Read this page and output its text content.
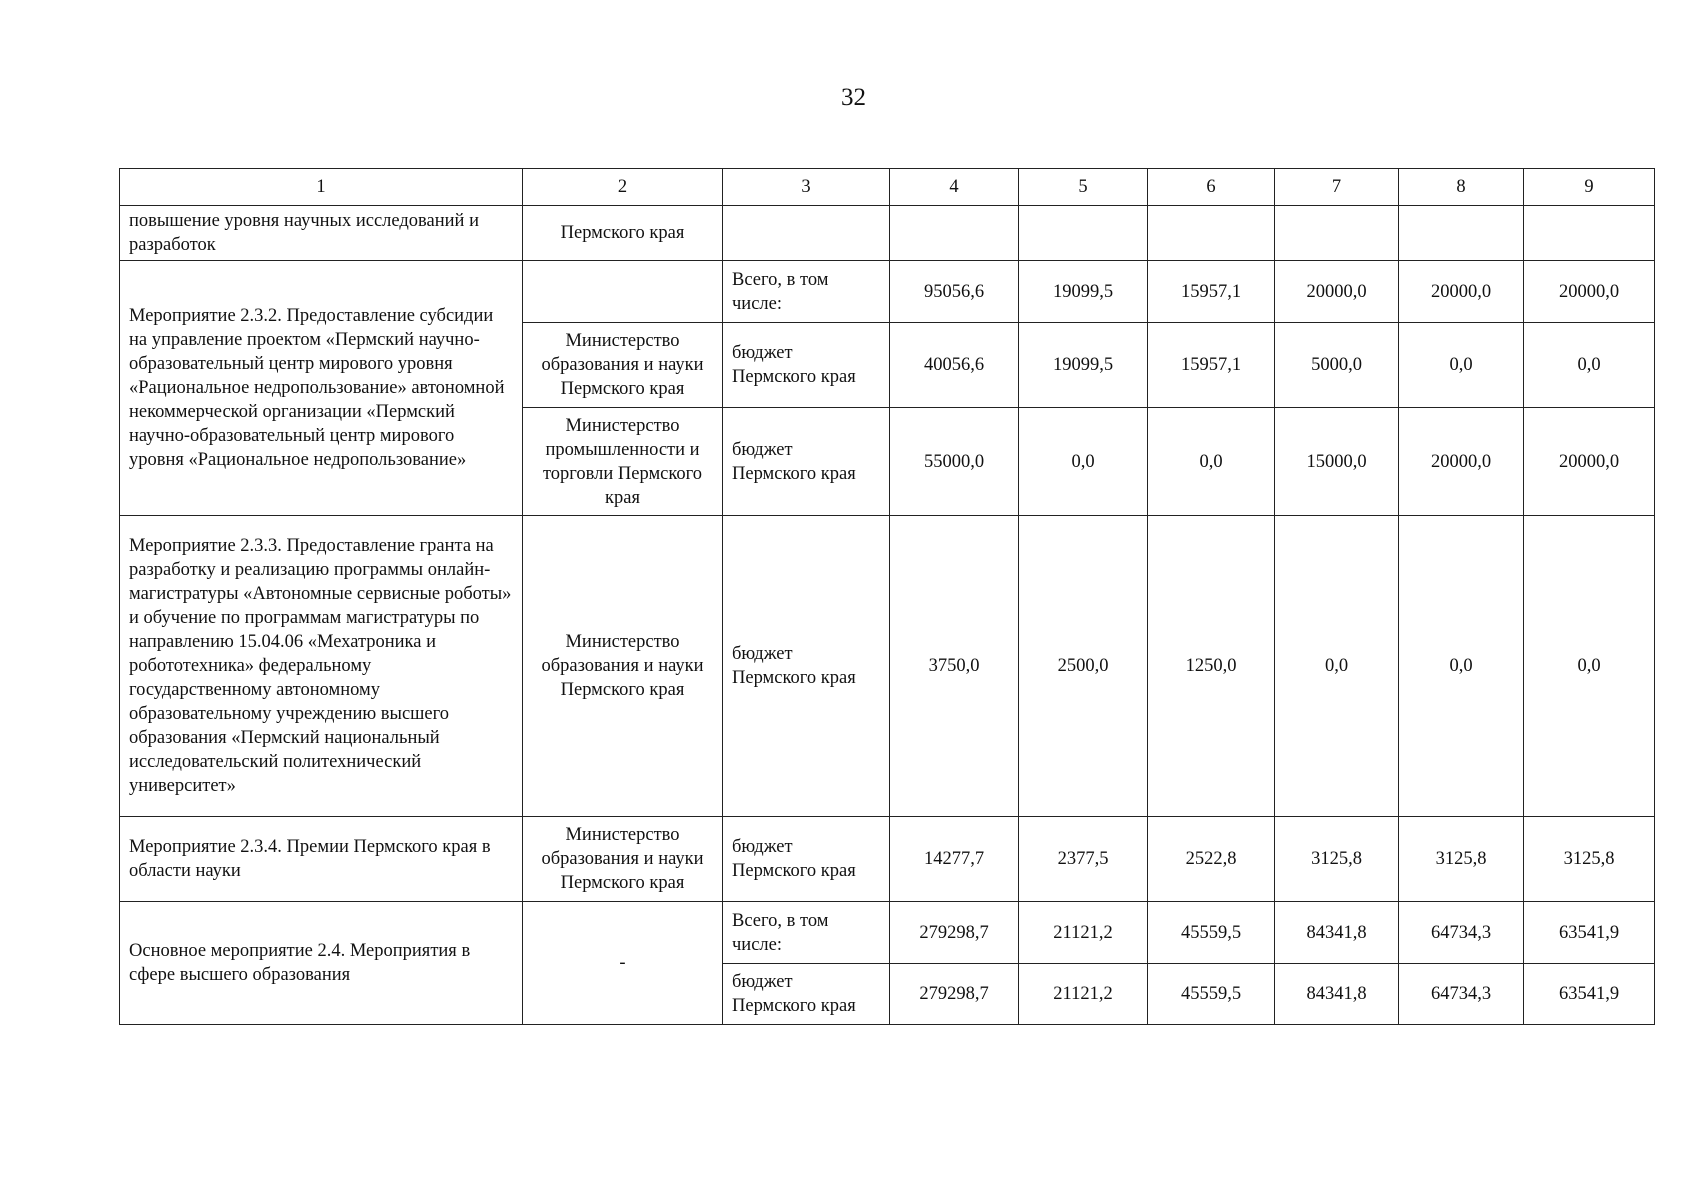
32
1	2	3	4	5	6	7	8	9
повышение уровня научных исследований и разработок	Пермского края							
Мероприятие 2.3.2. Предоставление субсидии на управление проектом «Пермский научно-образовательный центр мирового уровня «Рациональное недропользование» автономной некоммерческой организации «Пермский научно-образовательный центр мирового уровня «Рациональное недропользование»		Всего, в том числе:	95056,6	19099,5	15957,1	20000,0	20000,0	20000,0
	Министерство образования и науки Пермского края	бюджет Пермского края	40056,6	19099,5	15957,1	5000,0	0,0	0,0
	Министерство промышленности и торговли Пермского края	бюджет Пермского края	55000,0	0,0	0,0	15000,0	20000,0	20000,0
Мероприятие 2.3.3. Предоставление гранта на разработку и реализацию программы онлайн-магистратуры «Автономные сервисные роботы» и обучение по программам магистратуры по направлению 15.04.06 «Мехатроника и робототехника» федеральному государственному автономному образовательному учреждению высшего образования «Пермский национальный исследовательский политехнический университет»	Министерство образования и науки Пермского края	бюджет Пермского края	3750,0	2500,0	1250,0	0,0	0,0	0,0
Мероприятие 2.3.4. Премии Пермского края в области науки	Министерство образования и науки Пермского края	бюджет Пермского края	14277,7	2377,5	2522,8	3125,8	3125,8	3125,8
Основное мероприятие 2.4. Мероприятия в сфере высшего образования	-	Всего, в том числе:	279298,7	21121,2	45559,5	84341,8	64734,3	63541,9
		бюджет Пермского края	279298,7	21121,2	45559,5	84341,8	64734,3	63541,9
